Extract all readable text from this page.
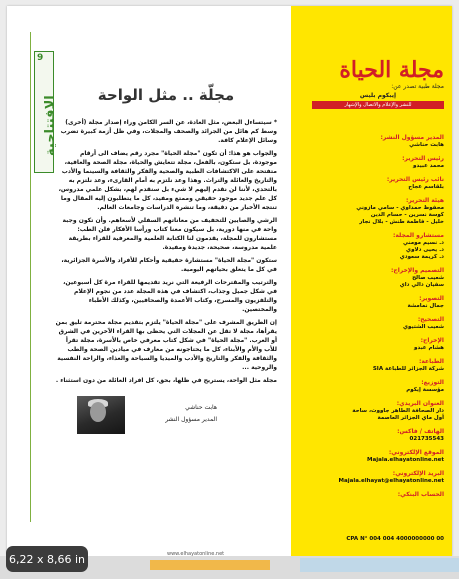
9
الافتتاحية
مجلّة .. مثل الواحة

* سيتساءل البعض، مثل العادة، عن السر الكامن وراء إصدار مجلة (أخرى) وسط كم هائل من الجرائد والصحف والمجلات، وفي ظل أزمة كبيرة تضرب وسائل الإعلام كافة.

والجواب هو هذا: أن تكون "مجلة الحياة" مجرد رقم يضاف الى أرقام موجودة، بل ستكون، بالفعل، مجلة تتعايش والحياة، مجلة الصحة والعافية، متفتحة على الاكتشافات الطبية والصحية والفكر والثقافة والسينما والأدب والتاريخ والعائلة والتراث. وهذا وعد نلتزم به أمام القارىء، وعد نلتزم به بالتحدي، لأننا لن نقدم إليهم لا شيء بل سنقدم لهم، بشكل علمي مدروس، كل علم جديد موجود حقيقي وممتع ومفيد، كل ما يتطلبون إليه المقال وما تنتجه الأخبار من دقيقة، وما تنشره الدراسات وجامعات العالم.

الرشي والصايين للتخفيف من معاناتهم السفلي لأسعاهم. وأن تكون وجبة واحة في منها دورية، بل سيكون معنا كتاب ورأسا الأفكار فلن الطب: مستشارون للمجلة، يقدمون لنا الكتابة العلمية والمعرفية للقراء بطريقة علمية مدروسة، صحيحة، جديدة ومفيدة.

ستكون "مجلة الحياة" مستشارة حقيقية وأحكام للأفراد والأسرة الجزائرية، في كل ما يتعلق بحياتهم اليومية.

والترتيب والمقترحات الرفيعة التي نريد تقديمها للقراء مرة كل أسبوعين، في شكل جميل وجذاب، اكتشاف في هذه المجلة عدد من نجوم الإعلام والتلفزيون والمسرح، وكتاب الأعمدة والصحافيين، وكذلك الأطباء والمختصين.

إن الطريق المشرف على "مجلة الحياة" يلتزم بتقديم مجلة محترمة تليق بمن يقرأها، مجلة لا تقل عن المجلات التي يحظى بها القراء الآخرين في الشرق أو الغرب. "مجلة الحياة" في شكل كتاب معرفي خاص بالأسرة، مجلة تقرأ للأب والأم والأبناء، كل ما يحتاجونه من معارف في ميادين الصحة والطب والثقافة والفكر والتاريخ والأدب والميديا والسياحة والغذاء، والراحة النفسية والروحية ...

مجلة مثل الواحة، يستريح في ظلها، بحق، كل افراد العائلة من دون استثناء .

هابت حناشي
المدير مسؤول النشر
مجلة الحياة
مجلة طبية تصدر عن:
إيبكوم بليس
للنشر والإعلام والاتصال والإشهار
المدير مسؤول النشر:
هابت حناشي
رئيس التحرير:
محمد عبيدو
نائب رئيس التحرير:
بلقاسم عجاج
هيئة التحرير:
محفوظ حمداوي - سامي مازوني
كوسة نسرين - حسام الدين
خليل - فاطمة طنش - بلال نجار
مستشارو المجلة:
د. نسيم مومني
د. يحيى دلاوي
د. كريمة سعودي
التصميم والإخراج:
شعيب صالح
سفيان دالي داي
التصوير:
جمال نمامشة
التصحيح:
شعيب الشتيوي
الإخراج:
هشام عبدو
الطباعة:
شركة الجزائر للطباعة SIA
التوزيع:
مؤسسة إيكوم
العنوان البريدي:
دار الصحافة الطاهر جاووت، ساحة
أول ماي الجزائر العاصمة
الهاتف / فاكس:
021735543
الموقع الإلكتروني:
Majala.elhayatonline.net
البريد الإلكتروني:
Majala.elhayat@elhayatonline.net
الحساب البنكي:
CPA N° 004 004 4000000000 00
www.elhayatonline.net
6,22 x 8,66 in
